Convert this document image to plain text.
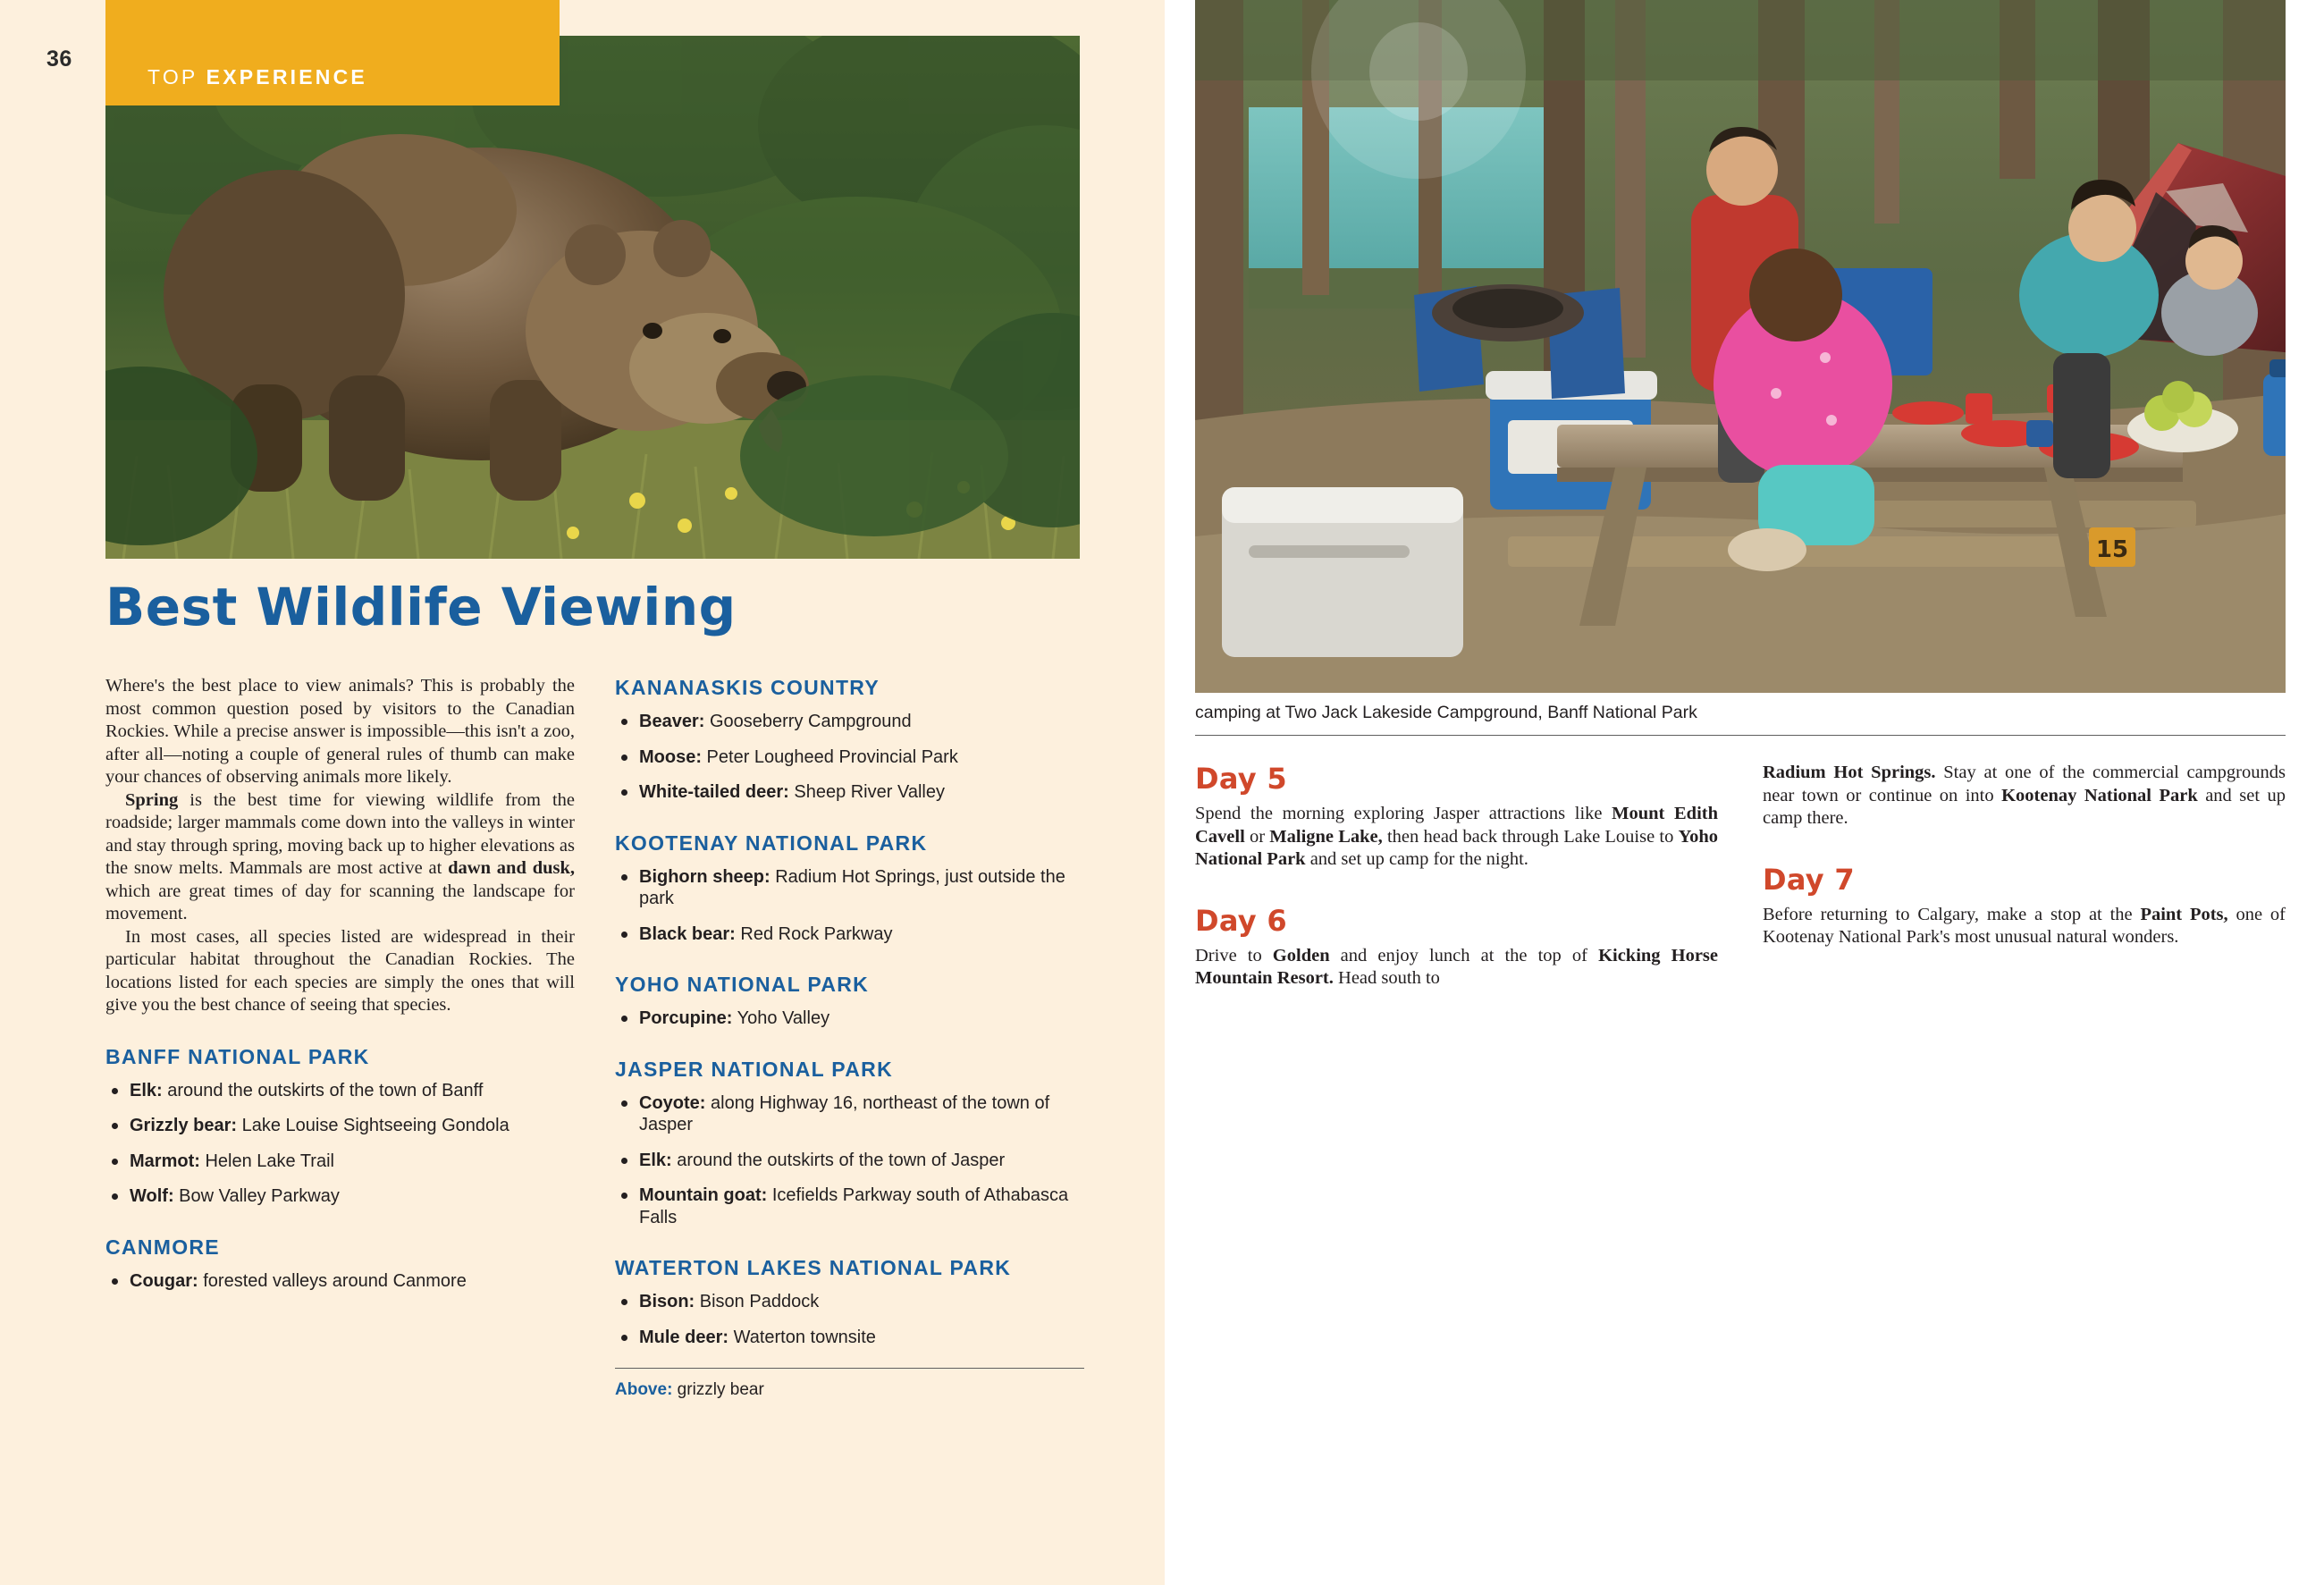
36
TOP EXPERIENCE
Best Wildlife Viewing

Where's the best place to view animals? This is probably the most common question posed by visitors to the Canadian Rockies. While a precise answer is impossible—this isn't a zoo, after all—noting a couple of general rules of thumb can make your chances of observing animals more likely.

Spring is the best time for viewing wildlife from the roadside; larger mammals come down into the valleys in winter and stay through spring, moving back up to higher elevations as the snow melts. Mammals are most active at dawn and dusk, which are great times of day for scanning the landscape for movement.

In most cases, all species listed are widespread in their particular habitat throughout the Canadian Rockies. The locations listed for each species are simply the ones that will give you the best chance of seeing that species.

BANFF NATIONAL PARK
Elk: around the outskirts of the town of Banff
Grizzly bear: Lake Louise Sightseeing Gondola
Marmot: Helen Lake Trail
Wolf: Bow Valley Parkway
CANMORE
Cougar: forested valleys around Canmore
KANANASKIS COUNTRY
Beaver: Gooseberry Campground
Moose: Peter Lougheed Provincial Park
White-tailed deer: Sheep River Valley
KOOTENAY NATIONAL PARK
Bighorn sheep: Radium Hot Springs, just outside the park
Black bear: Red Rock Parkway
YOHO NATIONAL PARK
Porcupine: Yoho Valley
JASPER NATIONAL PARK
Coyote: along Highway 16, northeast of the town of Jasper
Elk: around the outskirts of the town of Jasper
Mountain goat: Icefields Parkway south of Athabasca Falls
WATERTON LAKES NATIONAL PARK
Bison: Bison Paddock
Mule deer: Waterton townsite
Above: grizzly bear
15
camping at Two Jack Lakeside Campground, Banff National Park
Day 5

Spend the morning exploring Jasper attractions like Mount Edith Cavell or Maligne Lake, then head back through Lake Louise to Yoho National Park and set up camp for the night.

Day 6

Drive to Golden and enjoy lunch at the top of Kicking Horse Mountain Resort. Head south to

Radium Hot Springs. Stay at one of the commercial campgrounds near town or continue on into Kootenay National Park and set up camp there.

Day 7

Before returning to Calgary, make a stop at the Paint Pots, one of Kootenay National Park's most unusual natural wonders.
